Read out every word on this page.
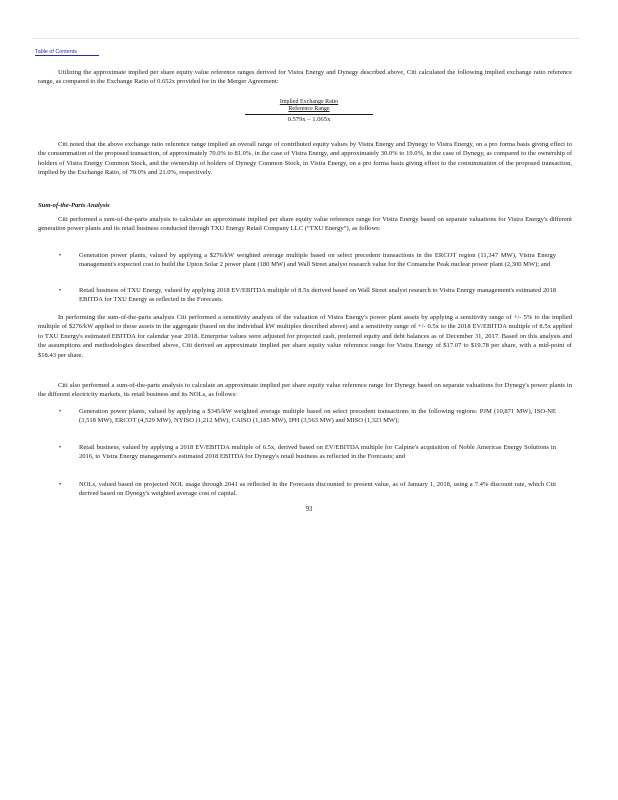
Table of Contents

Utilizing the approximate implied per share equity value reference ranges derived for Vistra Energy and Dynegy described above, Citi calculated the following implied exchange ratio reference range, as compared to the Exchange Ratio of 0.652x provided for in the Merger Agreement:

Implied Exchange Ratio
Reference Range
0.579x – 1.065x

Citi noted that the above exchange ratio reference range implied an overall range of contributed equity values by Vistra Energy and Dynegy to Vistra Energy, on a pro forma basis giving effect to the consummation of the proposed transaction, of approximately 70.0% to 81.0%, in the case of Vistra Energy, and approximately 30.0% to 19.0%, in the case of Dynegy, as compared to the ownership of holders of Vistra Energy Common Stock, and the ownership of holders of Dynegy Common Stock, in Vistra Energy, on a pro forma basis giving effect to the consummation of the proposed transaction, implied by the Exchange Ratio, of 79.0% and 21.0%, respectively.

Sum-of-the-Parts Analysis

Citi performed a sum-of-the-parts analysis to calculate an approximate implied per share equity value reference range for Vistra Energy based on separate valuations for Vistra Energy's different generation power plants and its retail business conducted through TXU Energy Retail Company LLC (“TXU Energy”), as follows:

•	Generation power plants, valued by applying a $276/kW weighted average multiple based on select precedent transactions in the ERCOT region (11,347 MW), Vistra Energy management's expected cost to build the Upton Solar 2 power plant (180 MW) and Wall Street analyst research value for the Comanche Peak nuclear power plant (2,300 MW); and

•	Retail business of TXU Energy, valued by applying 2018 EV/EBITDA multiple of 8.5x derived based on Wall Street analyst research to Vistra Energy management's estimated 2018 EBITDA for TXU Energy as reflected in the Forecasts.

In performing the sum-of-the-parts analysis Citi performed a sensitivity analysis of the valuation of Vistra Energy's power plant assets by applying a sensitivity range of +/- 5% to the implied multiple of $276/kW applied to those assets in the aggregate (based on the individual kW multiples described above) and a sensitivity range of +/- 0.5x to the 2018 EV/EBITDA multiple of 8.5x applied to TXU Energy's estimated EBITDA for calendar year 2018. Enterprise values were adjusted for projected cash, preferred equity and debt balances as of December 31, 2017. Based on this analysis and the assumptions and methodologies described above, Citi derived an approximate implied per share equity value reference range for Vistra Energy of $17.07 to $19.78 per share, with a mid-point of $18.43 per share.

Citi also performed a sum-of-the-parts analysis to calculate an approximate implied per share equity value reference range for Dynegy based on separate valuations for Dynegy's power plants in the different electricity markets, its retail business and its NOLs, as follows:

•	Generation power plants, valued by applying a $345/kW weighted average multiple based on select precedent transactions in the following regions: PJM (10,871 MW), ISO-NE (3,518 MW), ERCOT (4,529 MW), NYISO (1,212 MW), CAISO (1,185 MW), IPH (3,563 MW) and MISO (1,323 MW);

•	Retail business, valued by applying a 2018 EV/EBITDA multiple of 6.5x, derived based on EV/EBITDA multiple for Calpine's acquisition of Noble Americas Energy Solutions in 2016, to Vistra Energy management's estimated 2018 EBITDA for Dynegy's retail business as reflected in the Forecasts; and

•	NOLs, valued based on projected NOL usage through 2041 as reflected in the Forecasts discounted to present value, as of January 1, 2018, using a 7.4% discount rate, which Citi derived based on Dynegy's weighted average cost of capital.

93
